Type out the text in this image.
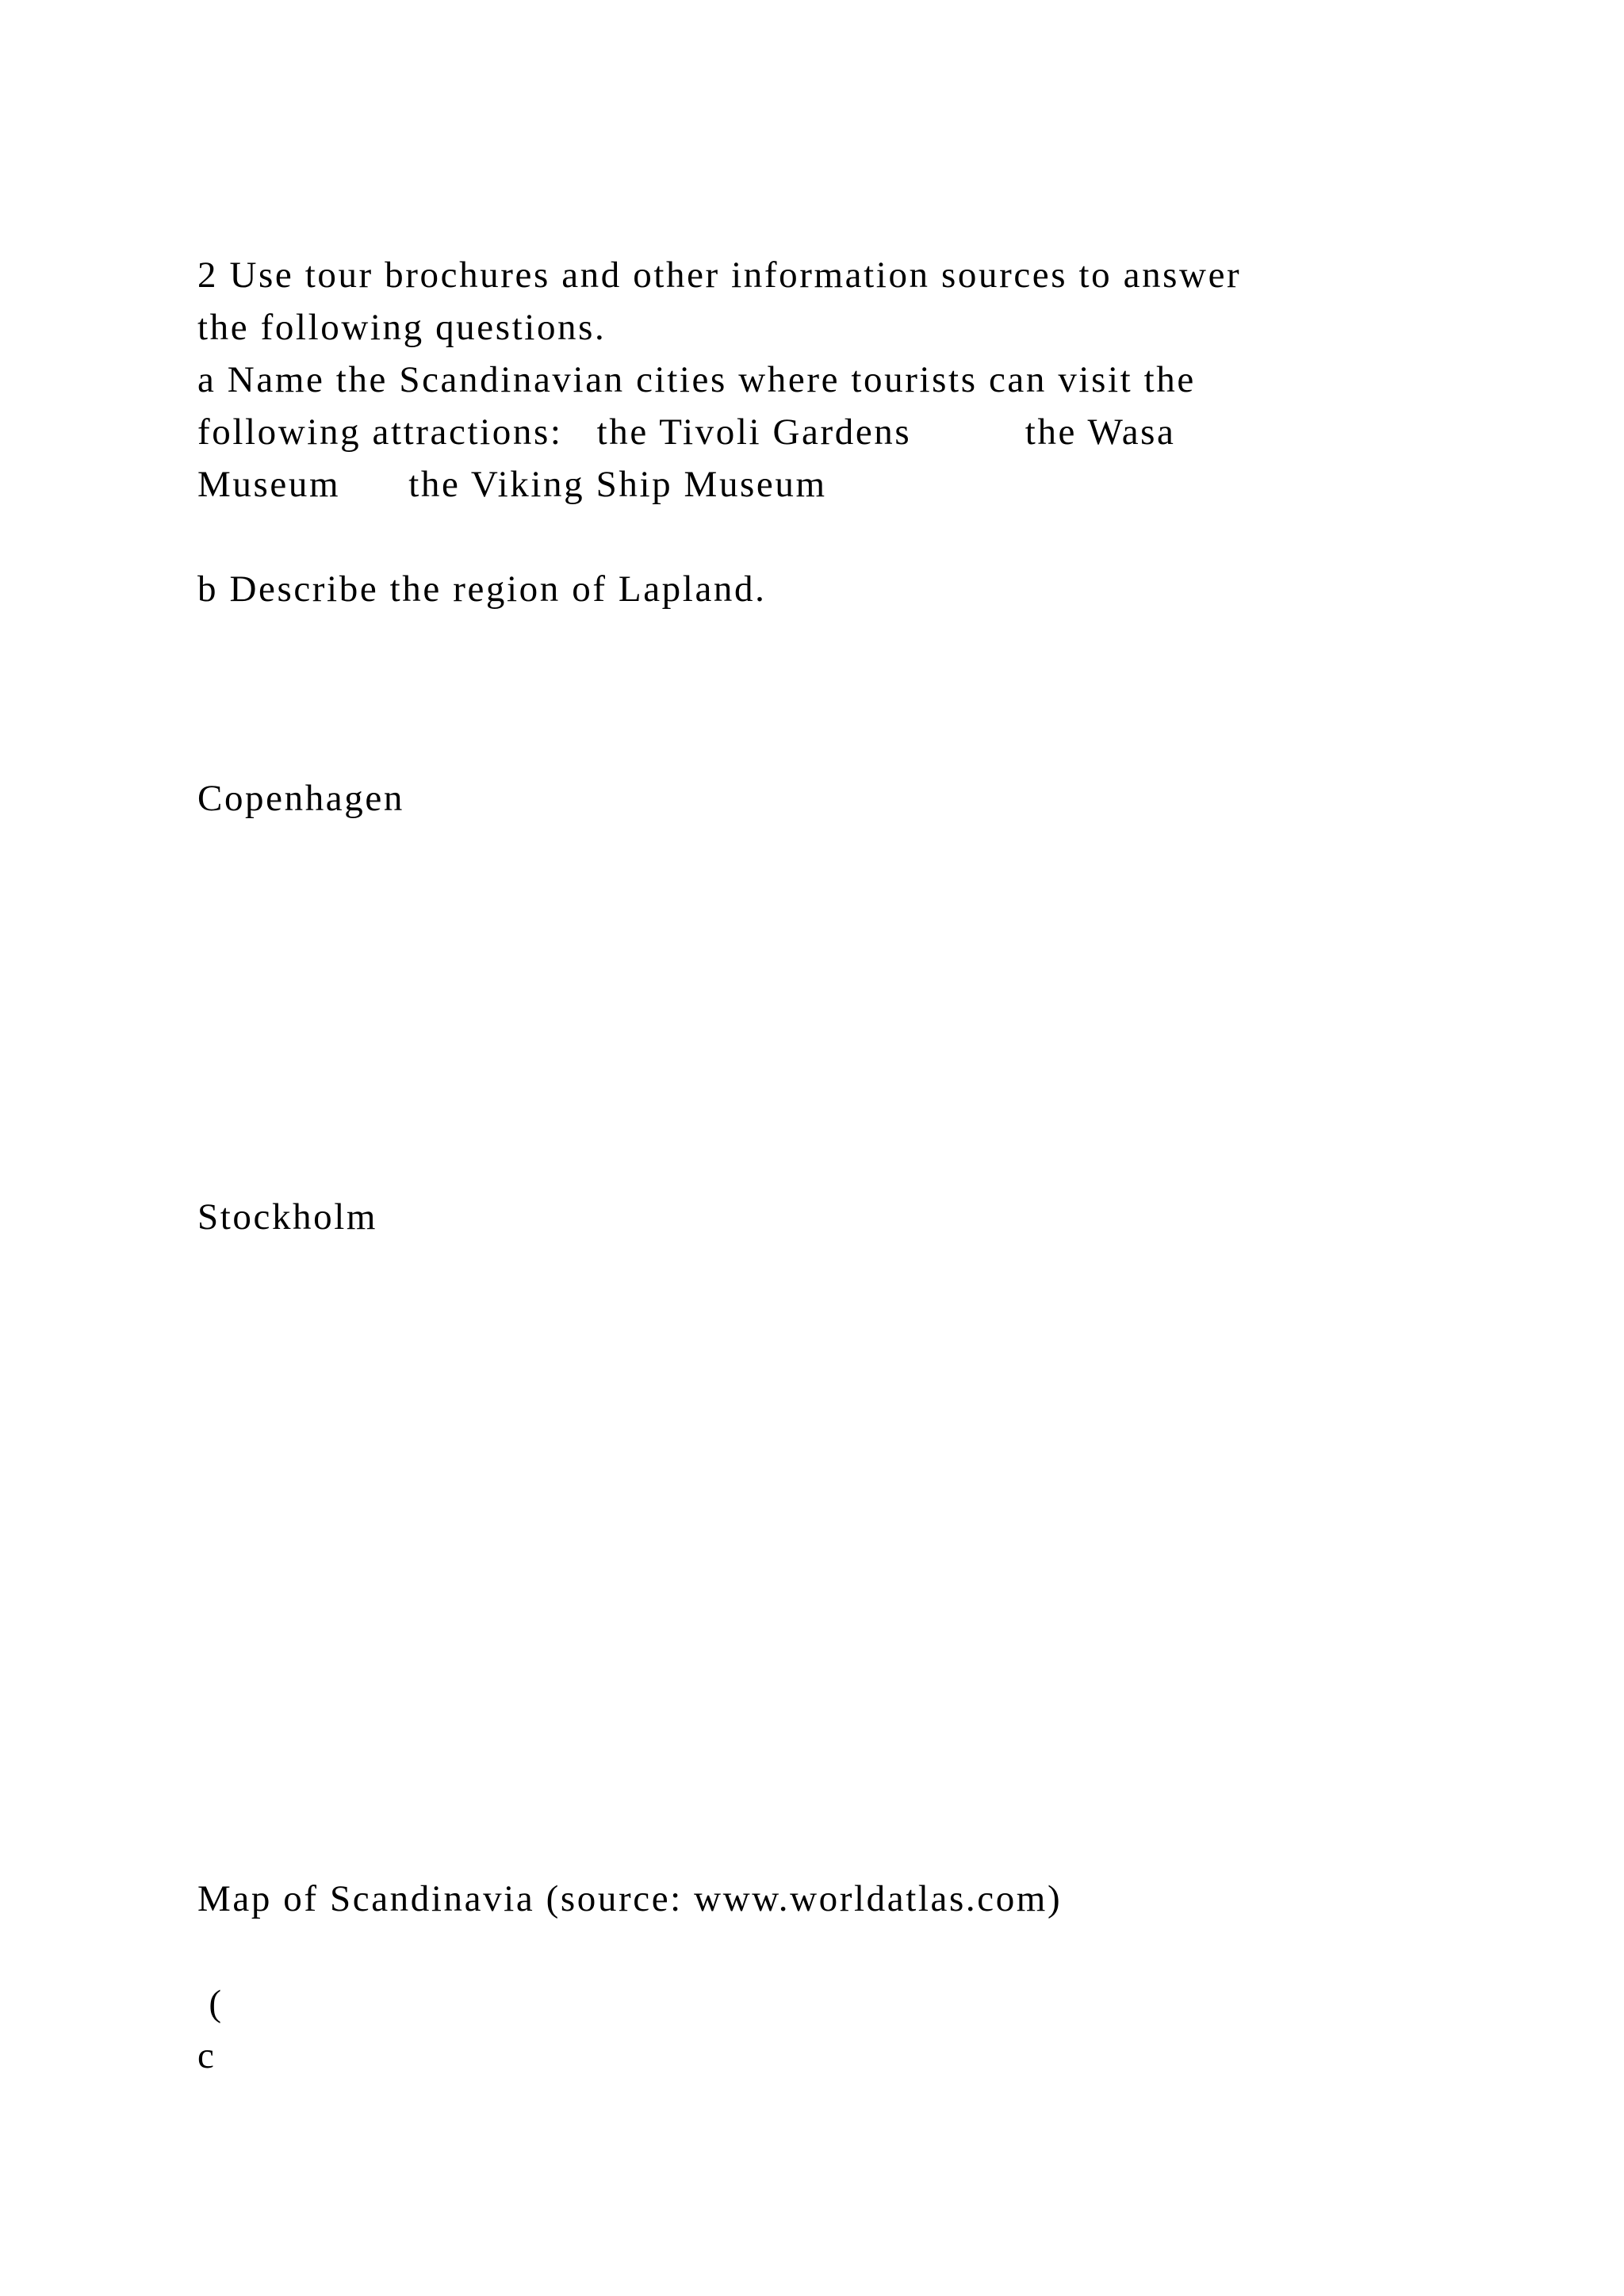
2 Use tour brochures and other information sources to answer
the following questions.
a Name the Scandinavian cities where tourists can visit the
following attractions:   the Tivoli Gardens          the Wasa
Museum      the Viking Ship Museum
b Describe the region of Lapland.
Copenhagen
Stockholm
Map of Scandinavia (source: www.worldatlas.com)
(
c
